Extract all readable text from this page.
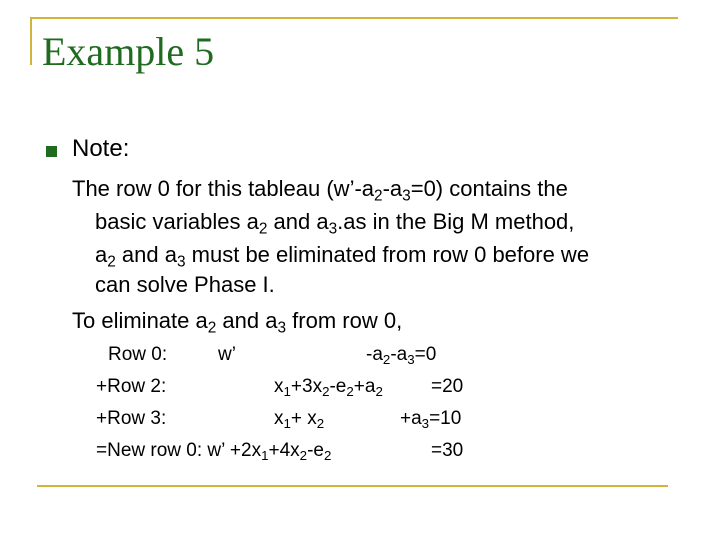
Example 5
Note:
The row 0 for this tableau $(w’-a_2-a_3=0)$ contains the
basic variables $a_2$ and $a_3.as$ in the Big M method,
$a_2$ and $a_3$ must be eliminated from row 0 before we
can solve Phase I.
To eliminate $a_2$ and $a_3$ from row 0,
Row 0:	w’	$-a_2-a_3=0$
+Row 2:	$x_1+3x_2-e_2+a_2$	=20
+Row 3:	$x_1+ x_2$	$+a_3=10$
=New row 0: w’ $+2x_1+4x_2-e_2$	=30
